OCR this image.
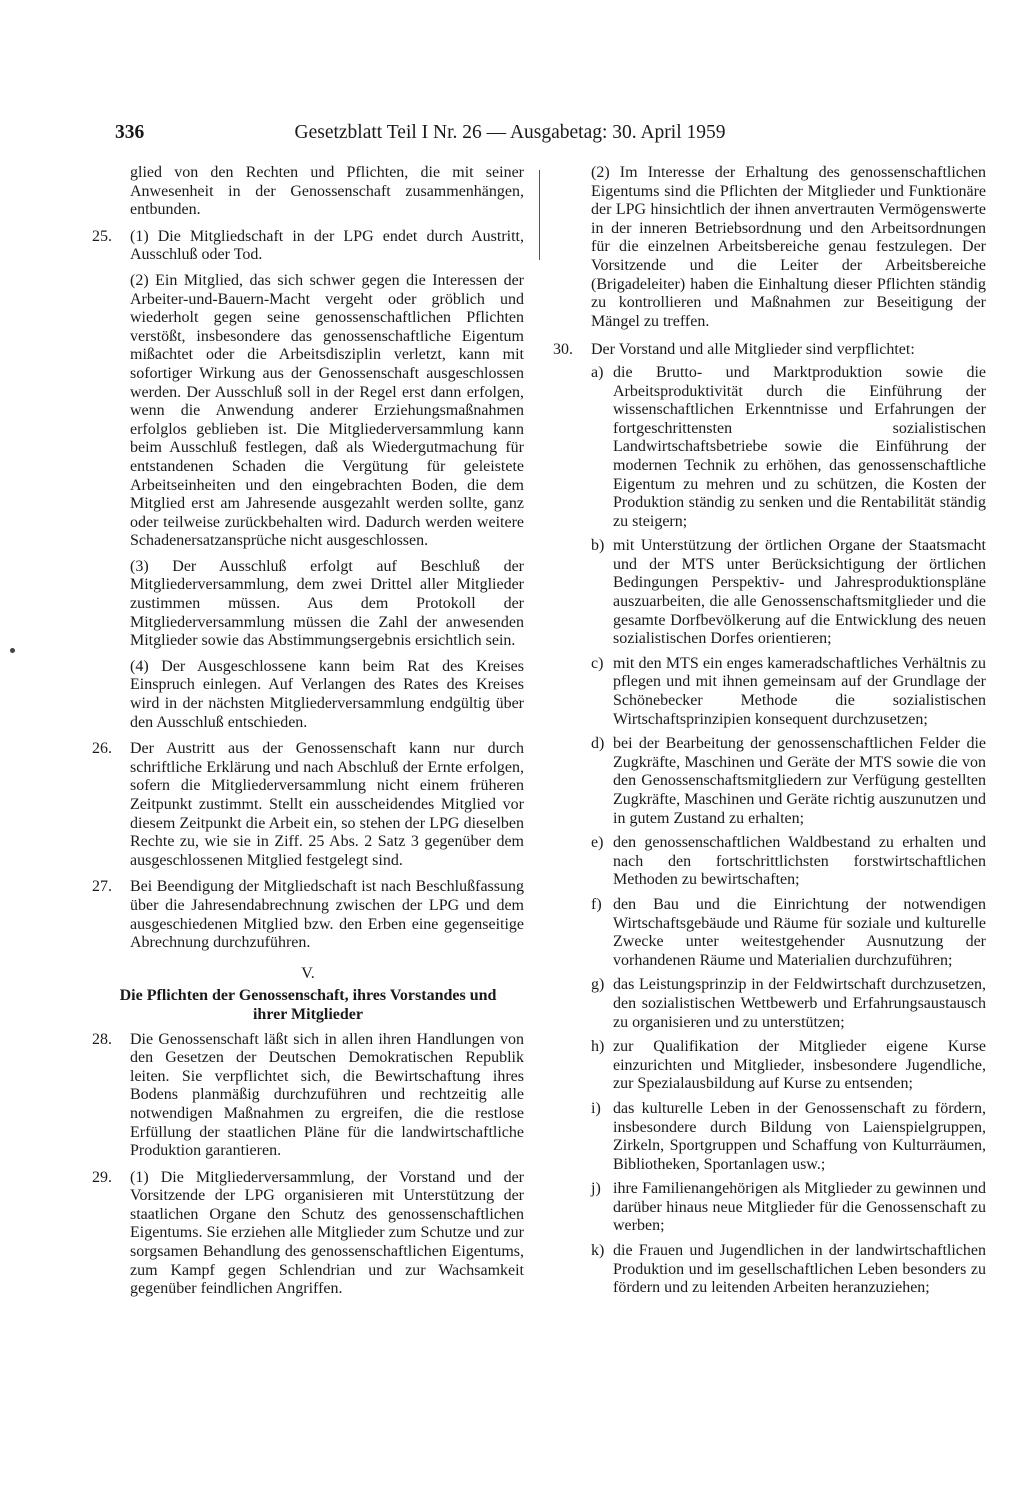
336	Gesetzblatt Teil I Nr. 26 — Ausgabetag: 30. April 1959

glied von den Rechten und Pflichten, die mit seiner Anwesenheit in der Genossenschaft zusammenhängen, entbunden.

25.	(1) Die Mitgliedschaft in der LPG endet durch Austritt, Ausschluß oder Tod.

(2) Ein Mitglied, das sich schwer gegen die Interessen der Arbeiter-und-Bauern-Macht vergeht oder gröblich und wiederholt gegen seine genossenschaftlichen Pflichten verstößt, insbesondere das genossenschaftliche Eigentum mißachtet oder die Arbeitsdisziplin verletzt, kann mit sofortiger Wirkung aus der Genossenschaft ausgeschlossen werden. Der Ausschluß soll in der Regel erst dann erfolgen, wenn die Anwendung anderer Erziehungsmaßnahmen erfolglos geblieben ist. Die Mitgliederversammlung kann beim Ausschluß festlegen, daß als Wiedergutmachung für entstandenen Schaden die Vergütung für geleistete Arbeitseinheiten und den eingebrachten Boden, die dem Mitglied erst am Jahresende ausgezahlt werden sollte, ganz oder teilweise zurückbehalten wird. Dadurch werden weitere Schadenersatzansprüche nicht ausgeschlossen.

(3) Der Ausschluß erfolgt auf Beschluß der Mitgliederversammlung, dem zwei Drittel aller Mitglieder zustimmen müssen. Aus dem Protokoll der Mitgliederversammlung müssen die Zahl der anwesenden Mitglieder sowie das Abstimmungsergebnis ersichtlich sein.

(4) Der Ausgeschlossene kann beim Rat des Kreises Einspruch einlegen. Auf Verlangen des Rates des Kreises wird in der nächsten Mitgliederversammlung endgültig über den Ausschluß entschieden.

26.	Der Austritt aus der Genossenschaft kann nur durch schriftliche Erklärung und nach Abschluß der Ernte erfolgen, sofern die Mitgliederversammlung nicht einem früheren Zeitpunkt zustimmt. Stellt ein ausscheidendes Mitglied vor diesem Zeitpunkt die Arbeit ein, so stehen der LPG dieselben Rechte zu, wie sie in Ziff. 25 Abs. 2 Satz 3 gegenüber dem ausgeschlossenen Mitglied festgelegt sind.

27.	Bei Beendigung der Mitgliedschaft ist nach Beschlußfassung über die Jahresendabrechnung zwischen der LPG und dem ausgeschiedenen Mitglied bzw. den Erben eine gegenseitige Abrechnung durchzuführen.

V.
Die Pflichten der Genossenschaft, ihres Vorstandes und ihrer Mitglieder
28.	Die Genossenschaft läßt sich in allen ihren Handlungen von den Gesetzen der Deutschen Demokratischen Republik leiten. Sie verpflichtet sich, die Bewirtschaftung ihres Bodens planmäßig durchzuführen und rechtzeitig alle notwendigen Maßnahmen zu ergreifen, die die restlose Erfüllung der staatlichen Pläne für die landwirtschaftliche Produktion garantieren.

29.	(1) Die Mitgliederversammlung, der Vorstand und der Vorsitzende der LPG organisieren mit Unterstützung der staatlichen Organe den Schutz des genossenschaftlichen Eigentums. Sie erziehen alle Mitglieder zum Schutze und zur sorgsamen Behandlung des genossenschaftlichen Eigentums, zum Kampf gegen Schlendrian und zur Wachsamkeit gegenüber feindlichen Angriffen.

(2) Im Interesse der Erhaltung des genossenschaftlichen Eigentums sind die Pflichten der Mitglieder und Funktionäre der LPG hinsichtlich der ihnen anvertrauten Vermögenswerte in der inneren Betriebsordnung und den Arbeitsordnungen für die einzelnen Arbeitsbereiche genau festzulegen. Der Vorsitzende und die Leiter der Arbeitsbereiche (Brigadeleiter) haben die Einhaltung dieser Pflichten ständig zu kontrollieren und Maßnahmen zur Beseitigung der Mängel zu treffen.

30.	Der Vorstand und alle Mitglieder sind verpflichtet:

a) die Brutto- und Marktproduktion sowie die Arbeitsproduktivität durch die Einführung der wissenschaftlichen Erkenntnisse und Erfahrungen der fortgeschrittensten sozialistischen Landwirtschaftsbetriebe sowie die Einführung der modernen Technik zu erhöhen, das genossenschaftliche Eigentum zu mehren und zu schützen, die Kosten der Produktion ständig zu senken und die Rentabilität ständig zu steigern;
b) mit Unterstützung der örtlichen Organe der Staatsmacht und der MTS unter Berücksichtigung der örtlichen Bedingungen Perspektiv- und Jahresproduktionspläne auszuarbeiten, die alle Genossenschaftsmitglieder und die gesamte Dorfbevölkerung auf die Entwicklung des neuen sozialistischen Dorfes orientieren;
c) mit den MTS ein enges kameradschaftliches Verhältnis zu pflegen und mit ihnen gemeinsam auf der Grundlage der Schönebecker Methode die sozialistischen Wirtschaftsprinzipien konsequent durchzusetzen;
d) bei der Bearbeitung der genossenschaftlichen Felder die Zugkräfte, Maschinen und Geräte der MTS sowie die von den Genossenschaftsmitgliedern zur Verfügung gestellten Zugkräfte, Maschinen und Geräte richtig auszunutzen und in gutem Zustand zu erhalten;
e) den genossenschaftlichen Waldbestand zu erhalten und nach den fortschrittlichsten forstwirtschaftlichen Methoden zu bewirtschaften;
f) den Bau und die Einrichtung der notwendigen Wirtschaftsgebäude und Räume für soziale und kulturelle Zwecke unter weitestgehender Ausnutzung der vorhandenen Räume und Materialien durchzuführen;
g) das Leistungsprinzip in der Feldwirtschaft durchzusetzen, den sozialistischen Wettbewerb und Erfahrungsaustausch zu organisieren und zu unterstützen;
h) zur Qualifikation der Mitglieder eigene Kurse einzurichten und Mitglieder, insbesondere Jugendliche, zur Spezialausbildung auf Kurse zu entsenden;
i) das kulturelle Leben in der Genossenschaft zu fördern, insbesondere durch Bildung von Laienspielgruppen, Zirkeln, Sportgruppen und Schaffung von Kulturräumen, Bibliotheken, Sportanlagen usw.;
j) ihre Familienangehörigen als Mitglieder zu gewinnen und darüber hinaus neue Mitglieder für die Genossenschaft zu werben;
k) die Frauen und Jugendlichen in der landwirtschaftlichen Produktion und im gesellschaftlichen Leben besonders zu fördern und zu leitenden Arbeiten heranzuziehen;
